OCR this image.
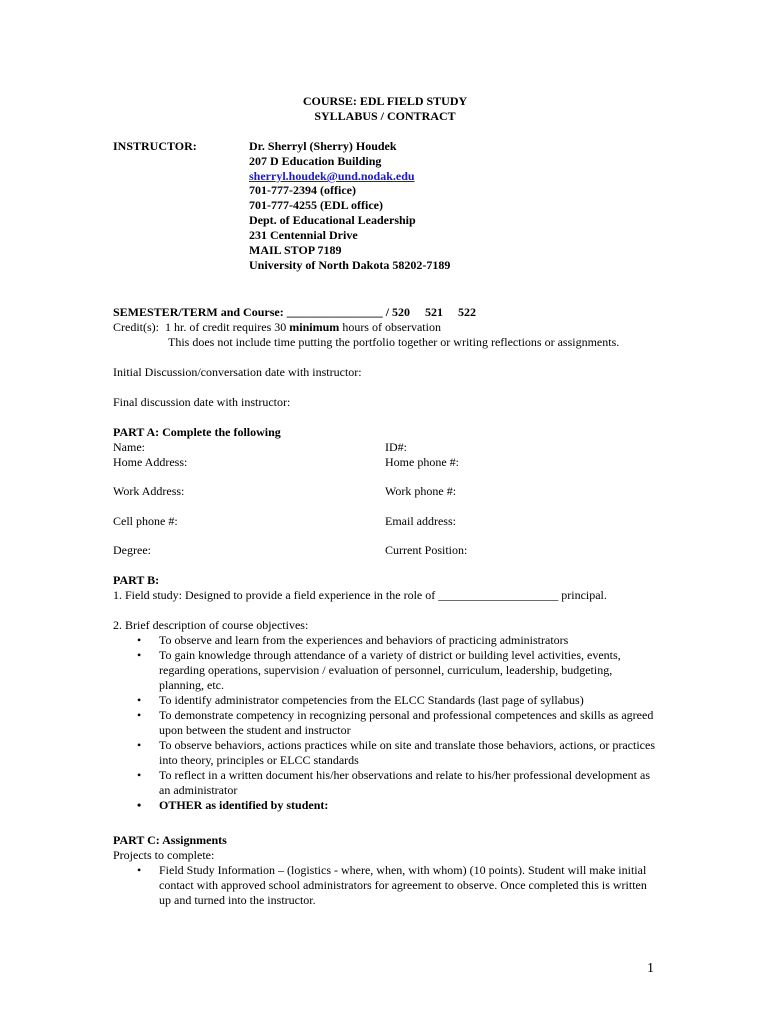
COURSE: EDL FIELD STUDY
SYLLABUS / CONTRACT
INSTRUCTOR:	Dr. Sherryl (Sherry) Houdek
207 D Education Building
sherryl.houdek@und.nodak.edu
701-777-2394 (office)
701-777-4255 (EDL office)
Dept. of Educational Leadership
231 Centennial Drive
MAIL STOP 7189
University of North Dakota 58202-7189
SEMESTER/TERM and Course: ________________ / 520     521     522
Credit(s):  1 hr. of credit requires 30 minimum hours of observation
This does not include time putting the portfolio together or writing reflections or assignments.
Initial Discussion/conversation date with instructor:
Final discussion date with instructor:
PART A: Complete the following
Name:	ID#:
Home Address:	Home phone #:
Work Address:	Work phone #:
Cell phone #:	Email address:
Degree:	Current Position:
PART B:
1. Field study: Designed to provide a field experience in the role of ____________________ principal.
2. Brief description of course objectives:
• To observe and learn from the experiences and behaviors of practicing administrators
• To gain knowledge through attendance of a variety of district or building level activities, events, regarding operations, supervision / evaluation of personnel, curriculum, leadership, budgeting, planning, etc.
• To identify administrator competencies from the ELCC Standards (last page of syllabus)
• To demonstrate competency in recognizing personal and professional competences and skills as agreed upon between the student and instructor
• To observe behaviors, actions practices while on site and translate those behaviors, actions, or practices into theory, principles or ELCC standards
• To reflect in a written document his/her observations and relate to his/her professional development as an administrator
• OTHER as identified by student:
PART C: Assignments
Projects to complete:
• Field Study Information – (logistics - where, when, with whom) (10 points). Student will make initial contact with approved school administrators for agreement to observe. Once completed this is written up and turned into the instructor.
1
